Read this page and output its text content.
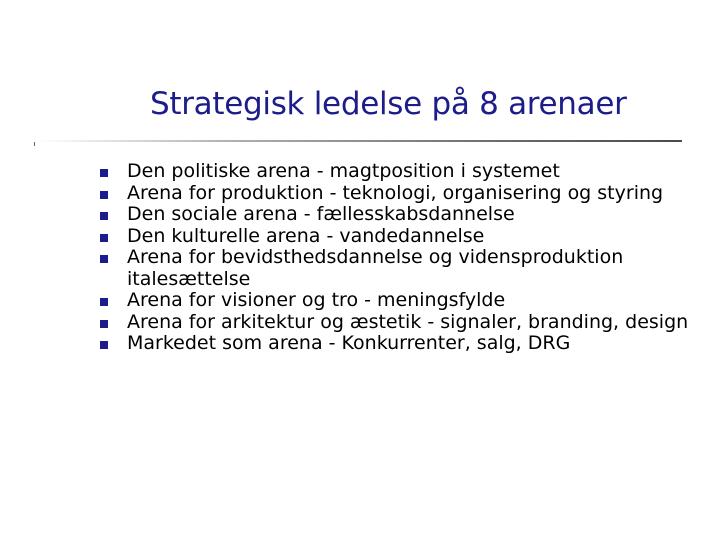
Strategisk ledelse på 8 arenaer
Den politiske arena - magtposition i systemet
Arena for produktion - teknologi, organisering og styring
Den sociale arena - fællesskabsdannelse
Den kulturelle arena - vandedannelse
Arena for bevidsthedsdannelse og vidensproduktion italesættelse
Arena for visioner og tro - meningsfylde
Arena for arkitektur og æstetik - signaler, branding, design
Markedet som arena - Konkurrenter, salg, DRG
